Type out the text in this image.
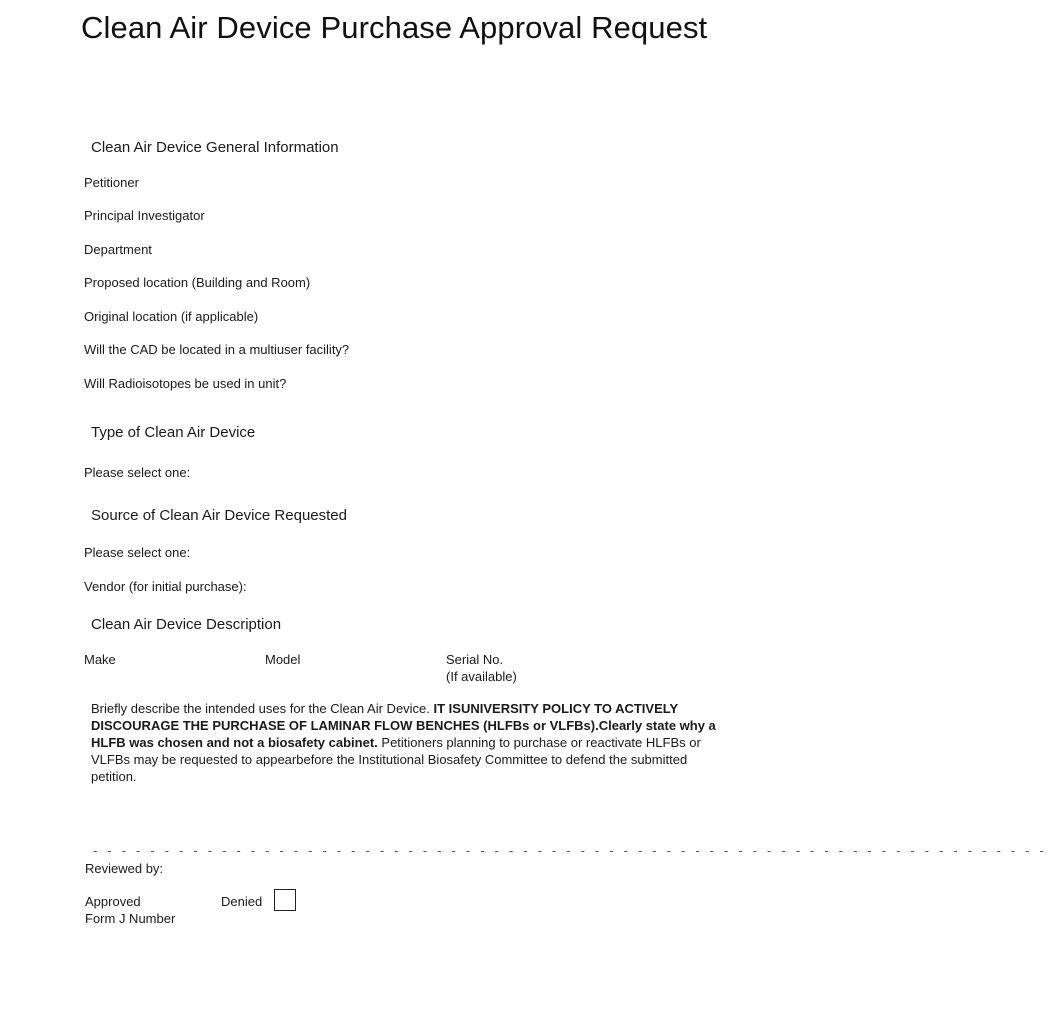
Clean Air Device Purchase Approval Request
Clean Air Device General Information
Petitioner
Principal Investigator
Department
Proposed location (Building and Room)
Original location (if applicable)
Will the CAD be located in a multiuser facility?
Will Radioisotopes be used in unit?
Type of Clean Air Device
Please select one:
Source of Clean Air Device Requested
Please select one:
Vendor (for initial purchase):
Clean Air Device Description
Make	Model	Serial No.
(If available)
Briefly describe the intended uses for the Clean Air Device. IT ISUNIVERSITY POLICY TO ACTIVELY DISCOURAGE THE PURCHASE OF LAMINAR FLOW BENCHES (HLFBs or VLFBs).Clearly state why a HLFB was chosen and not a biosafety cabinet. Petitioners planning to purchase or reactivate HLFBs or VLFBs may be requested to appearbefore the Institutional Biosafety Committee to defend the submitted petition.
- - - - - - - - - - - - - - - - - - - - - - - - - - - - - - - - - - - - - - - - - - - - - - - - - - - - - - - - - - - - - - - - - - -
Reviewed by:
Approved
Form J Number
Denied
